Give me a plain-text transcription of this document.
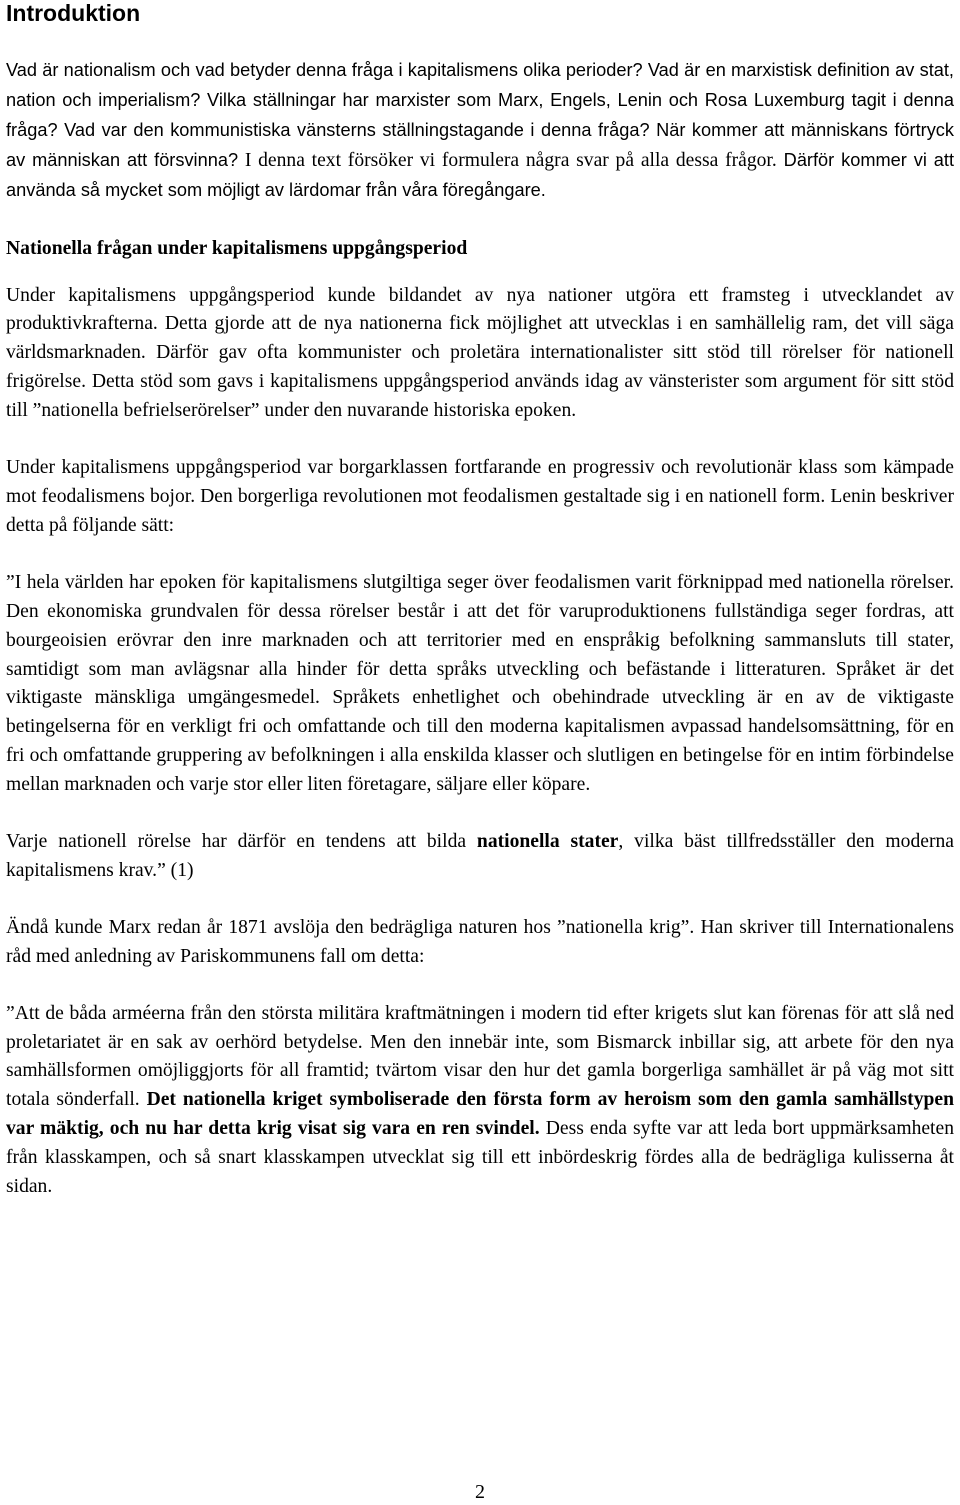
Introduktion

Vad är nationalism och vad betyder denna fråga i kapitalismens olika perioder? Vad är en marxistisk definition av stat, nation och imperialism? Vilka ställningar har marxister som Marx, Engels, Lenin och Rosa Luxemburg tagit i denna fråga? Vad var den kommunistiska vänsterns ställningstagande i denna fråga? När kommer att människans förtryck av människan att försvinna? I denna text försöker vi formulera några svar på alla dessa frågor. Därför kommer vi att använda så mycket som möjligt av lärdomar från våra föregångare.

Nationella frågan under kapitalismens uppgångsperiod

Under kapitalismens uppgångsperiod kunde bildandet av nya nationer utgöra ett framsteg i utvecklandet av produktivkrafterna. Detta gjorde att de nya nationerna fick möjlighet att utvecklas i en samhällelig ram, det vill säga världsmarknaden. Därför gav ofta kommunister och proletära internationalister sitt stöd till rörelser för nationell frigörelse. Detta stöd som gavs i kapitalismens uppgångsperiod används idag av vänsterister som argument för sitt stöd till ”nationella befrielserörelser” under den nuvarande historiska epoken.

Under kapitalismens uppgångsperiod var borgarklassen fortfarande en progressiv och revolutionär klass som kämpade mot feodalismens bojor. Den borgerliga revolutionen mot feodalismen gestaltade sig i en nationell form. Lenin beskriver detta på följande sätt:

”I hela världen har epoken för kapitalismens slutgiltiga seger över feodalismen varit förknippad med nationella rörelser. Den ekonomiska grundvalen för dessa rörelser består i att det för varuproduktionens fullständiga seger fordras, att bourgeoisien erövrar den inre marknaden och att territorier med en enspråkig befolkning sammansluts till stater, samtidigt som man avlägsnar alla hinder för detta språks utveckling och befästande i litteraturen. Språket är det viktigaste mänskliga umgängesmedel. Språkets enhetlighet och obehindrade utveckling är en av de viktigaste betingelserna för en verkligt fri och omfattande och till den moderna kapitalismen avpassad handelsomsättning, för en fri och omfattande gruppering av befolkningen i alla enskilda klasser och slutligen en betingelse för en intim förbindelse mellan marknaden och varje stor eller liten företagare, säljare eller köpare.

Varje nationell rörelse har därför en tendens att bilda nationella stater, vilka bäst tillfredsställer den moderna kapitalismens krav.” (1)

Ändå kunde Marx redan år 1871 avslöja den bedrägliga naturen hos ”nationella krig”. Han skriver till Internationalens råd med anledning av Pariskommunens fall om detta:

”Att de båda arméerna från den största militära kraftmätningen i modern tid efter krigets slut kan förenas för att slå ned proletariatet är en sak av oerhörd betydelse. Men den innebär inte, som Bismarck inbillar sig, att arbete för den nya samhällsformen omöjliggjorts för all framtid; tvärtom visar den hur det gamla borgerliga samhället är på väg mot sitt totala sönderfall. Det nationella kriget symboliserade den första form av heroism som den gamla samhällstypen var mäktig, och nu har detta krig visat sig vara en ren svindel. Dess enda syfte var att leda bort uppmärksamheten från klasskampen, och så snart klasskampen utvecklat sig till ett inbördeskrig fördes alla de bedrägliga kulisserna åt sidan.

2
